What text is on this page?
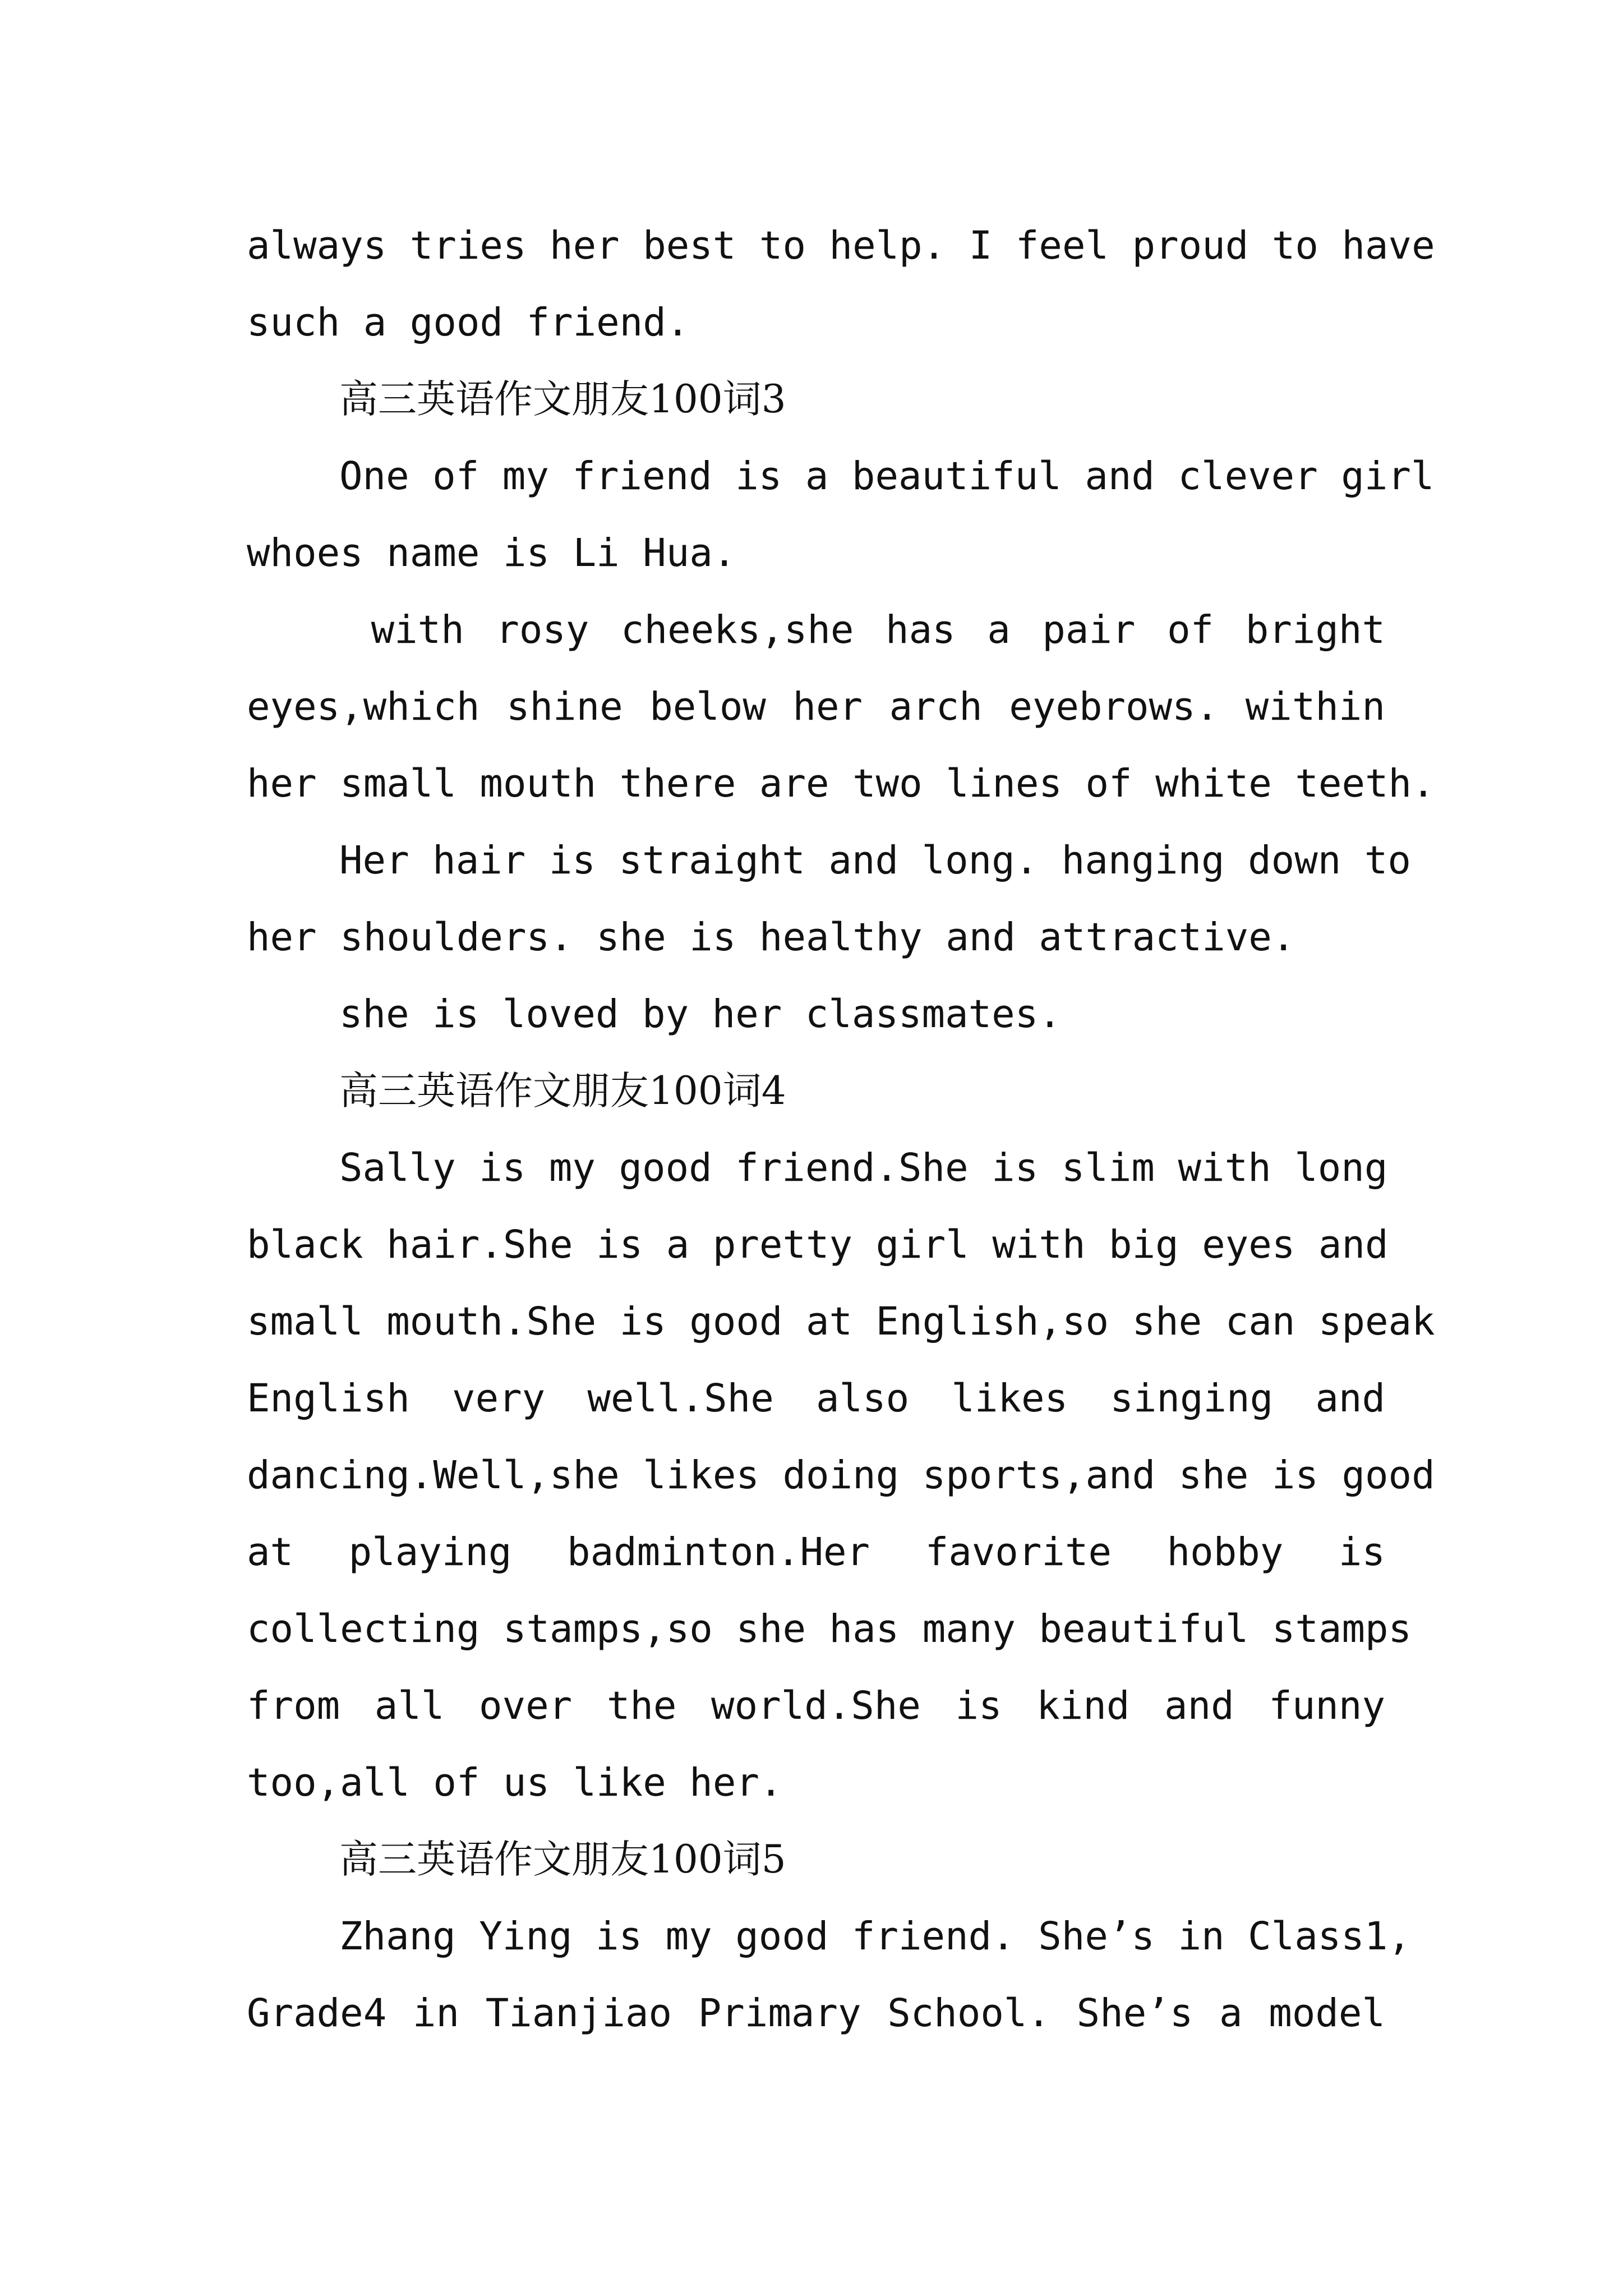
always tries her best to help. I feel proud to have
such a good friend.
高三英语作文朋友100词3
One of my friend is a beautiful and clever girl
whoes name is Li Hua.
with rosy cheeks,she has a pair of bright
eyes,which shine below her arch eyebrows. within
her small mouth there are two lines of white teeth.
Her hair is straight and long. hanging down to
her shoulders. she is healthy and attractive.
she is loved by her classmates.
高三英语作文朋友100词4
Sally is my good friend.She is slim with long
black hair.She is a pretty girl with big eyes and
small mouth.She is good at English,so she can speak
English very well.She also likes singing and
dancing.Well,she likes doing sports,and she is good
at playing badminton.Her favorite hobby is
collecting stamps,so she has many beautiful stamps
from all over the world.She is kind and funny
too,all of us like her.
高三英语作文朋友100词5
Zhang Ying is my good friend. She’s in Class1,
Grade4 in Tianjiao Primary School. She’s a model
